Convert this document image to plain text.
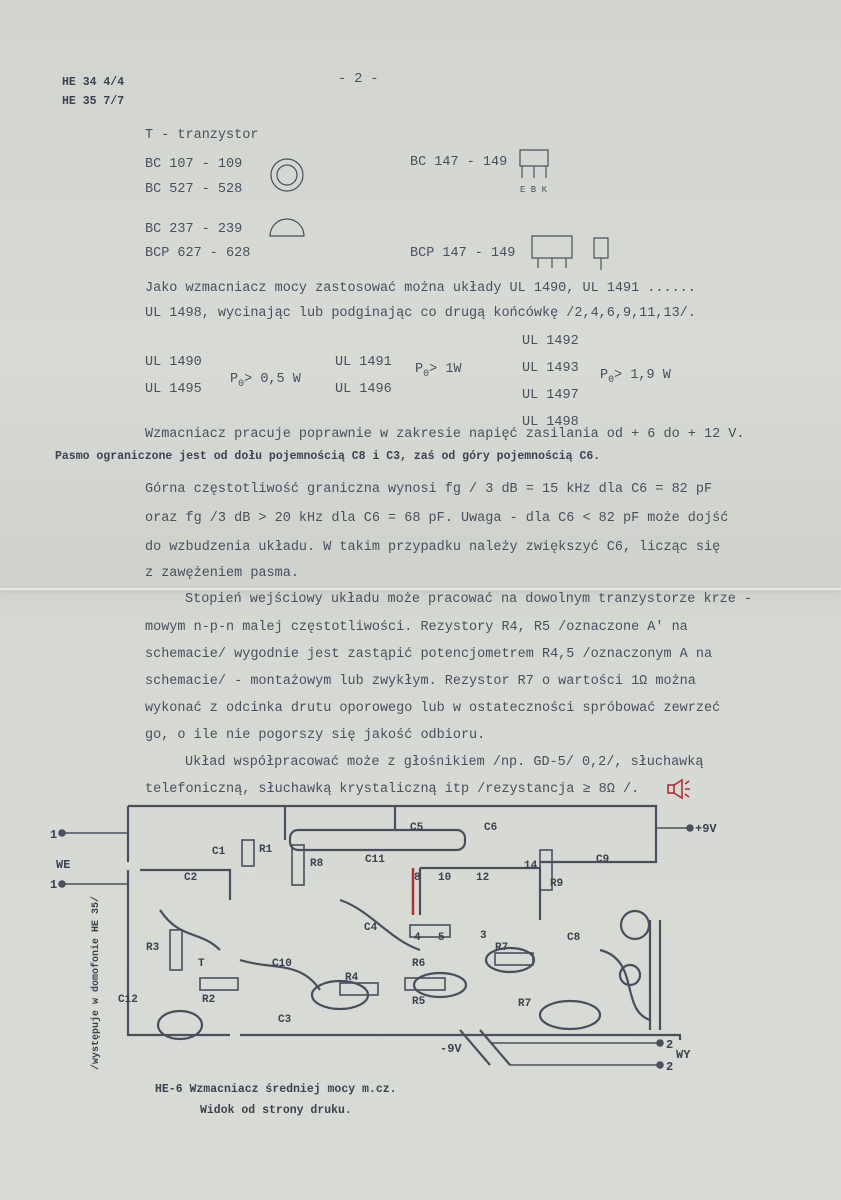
HE 34 4/4
HE 35 7/7
- 2 -
T - tranzystor
BC 107 - 109
BC 527 - 528
BC 147 - 149
BC 237 - 239
BCP 627 - 628	BCP 147 - 149
E B K
Jako wzmacniacz mocy zastosować można układy UL 1490, UL 1491 ......
UL 1498, wycinając lub podginając co drugą końcówkę /2,4,6,9,11,13/.
UL 1490
UL 1495
$P_0> 0,5$ W
UL 1491
UL 1496
$P_0> 1W$
UL 1492
UL 1493
UL 1497
UL 1498
$P_0> 1,9$ W
Wzmacniacz pracuje poprawnie w zakresie napięć zasilania od + 6 do + 12 V.
Pasmo ograniczone jest od dołu pojemnością C8 i C3, zaś od góry pojemnością C6.
Górna częstotliwość graniczna wynosi fg / 3 dB = 15 kHz dla C6 = 82 pF
oraz fg /3 dB > 20 kHz dla C6 = 68 pF. Uwaga - dla C6 < 82 pF może dojść
do wzbudzenia układu. W takim przypadku należy zwiększyć C6, licząc się
z zawężeniem pasma.
Stopień wejściowy układu może pracować na dowolnym tranzystorze krze -
mowym n-p-n malej częstotliwości. Rezystory R4, R5 /oznaczone A' na
schemacie/ wygodnie jest zastąpić potencjometrem R4,5 /oznaczonym A na
schemacie/ - montażowym lub zwykłym. Rezystor R7 o wartości 1Ω można
wykonać z odcinka drutu oporowego lub w ostateczności spróbować zewrzeć
go, o ile nie pogorszy się jakość odbioru.
Układ współpracować może z głośnikiem /np. GD-5/ 0,2/, słuchawką
telefoniczną, słuchawką krystaliczną itp /rezystancja ≥ 8Ω /.
C1	R1
R8	C11
C5	C6
C9
C2
C4
R6
R7
C8
R3
C10
R4
R5
R2
C12
C3
R9
T
R7
8 10 12
14
4 5	3
1
1
2
2
WE
WY
+9V
-9V
/występuje w domofonie HE 35/
HE-6 Wzmacniacz średniej mocy m.cz.
Widok od strony druku.
